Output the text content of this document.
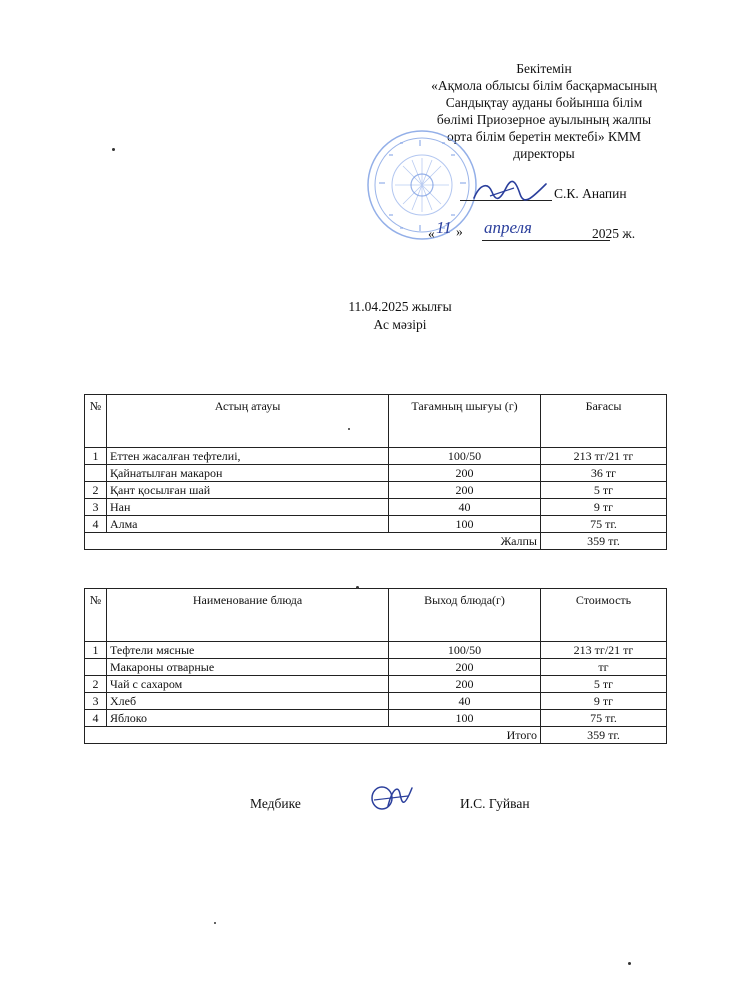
Бекітемін
«Ақмола облысы білім басқармасының
Сандықтау ауданы бойынша білім
бөлімі Приозерное ауылының жалпы
орта білім беретін мектебі» КММ
директоры
С.К. Анапин
«	2025 ж.
11 » апреля
11.04.2025 жылғы
Ас мәзірі
№	Астың атауы	Тағамның шығуы (г)	Бағасы
1	Еттен жасалған тефтелиі,	100/50	213 тг/21 тг
	Қайнатылған макарон	200	36 тг
2	Қант қосылған шай	200	5 тг
3	Нан	40	9 тг
4	Алма	100	75 тг.
Жалпы			359 тг.
№	Наименование блюда	Выход блюда(г)	Стоимость
1	Тефтели мясные	100/50	213 тг/21 тг
	Макароны отварные	200	тг
2	Чай с сахаром	200	5 тг
3	Хлеб	40	9 тг
4	Яблоко	100	75 тг.
Итого			359 тг.
Медбике	И.С. Гуйван
